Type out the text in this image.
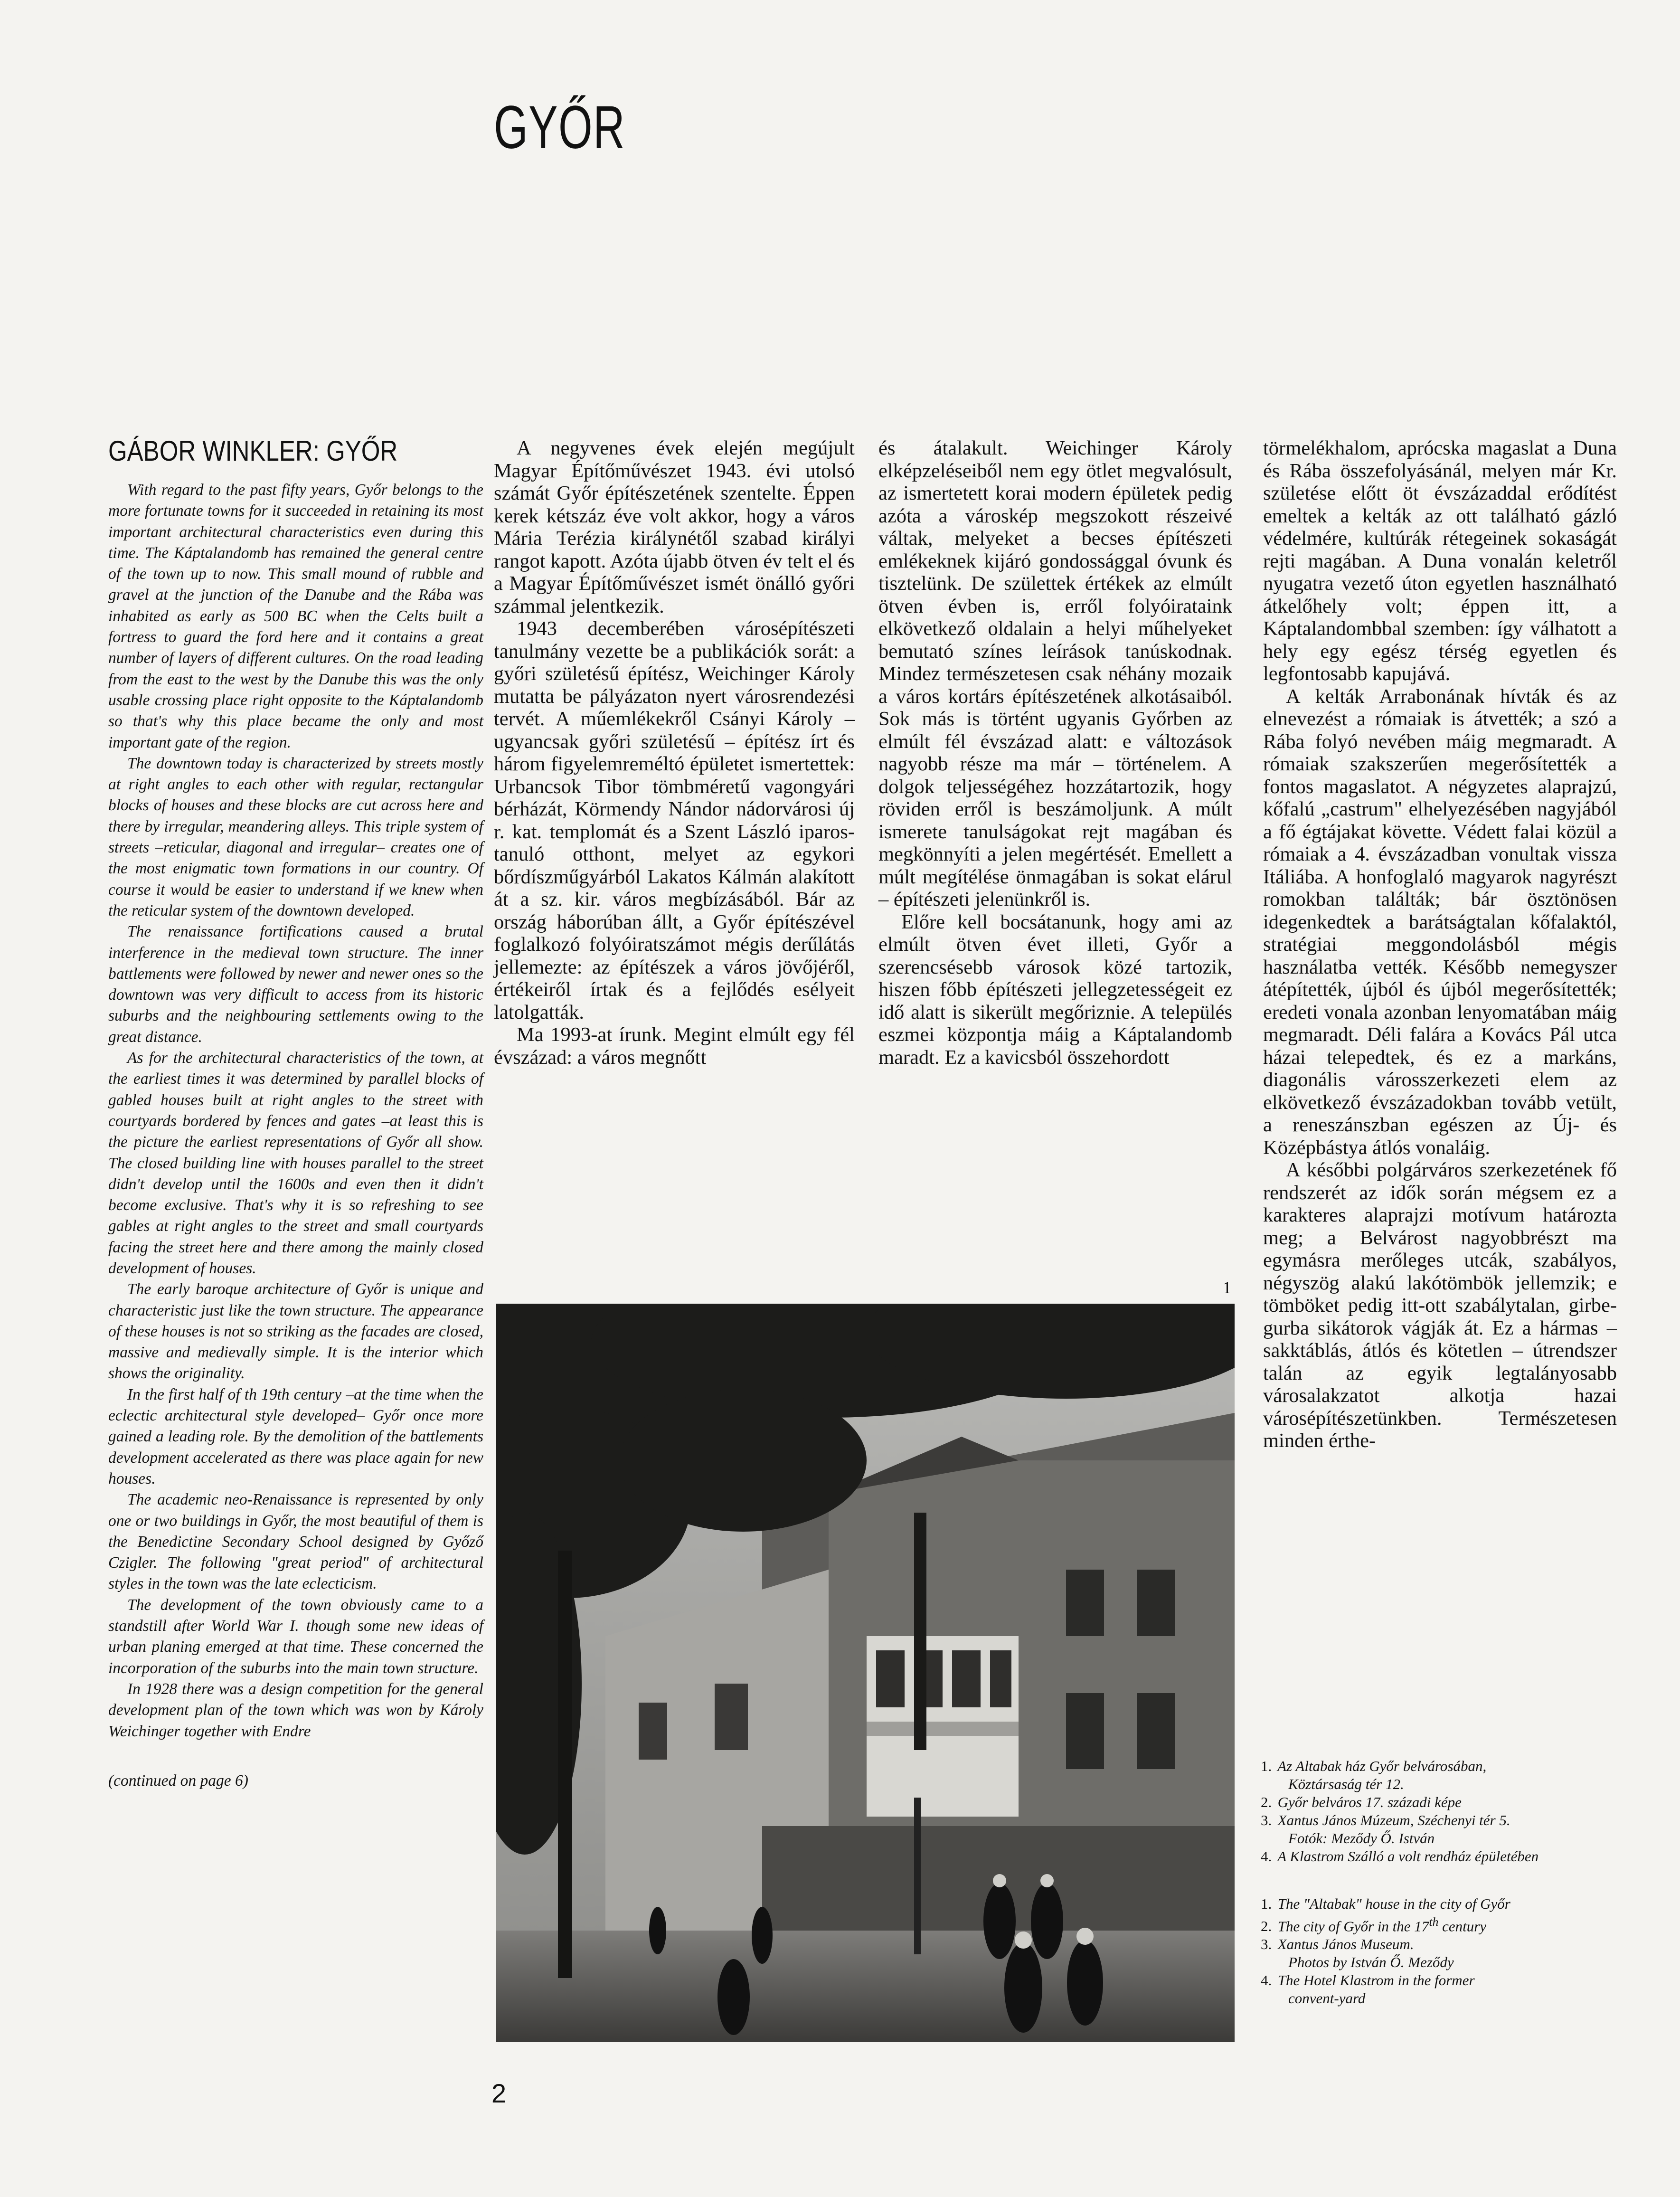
GYŐR
GÁBOR WINKLER: GYŐR

With regard to the past fifty years, Győr belongs to the more fortunate towns for it succeeded in retaining its most important architectural characteristics even during this time. The Káptalandomb has remained the general centre of the town up to now. This small mound of rubble and gravel at the junction of the Danube and the Rába was inhabited as early as 500 BC when the Celts built a fortress to guard the ford here and it contains a great number of layers of different cultures. On the road leading from the east to the west by the Danube this was the only usable crossing place right opposite to the Káptalandomb so that's why this place became the only and most important gate of the region.

The downtown today is characterized by streets mostly at right angles to each other with regular, rectangular blocks of houses and these blocks are cut across here and there by irregular, meandering alleys. This triple system of streets –reticular, diagonal and irregular– creates one of the most enigmatic town formations in our country. Of course it would be easier to understand if we knew when the reticular system of the downtown developed.

The renaissance fortifications caused a brutal interference in the medieval town structure. The inner battlements were followed by newer and newer ones so the downtown was very difficult to access from its historic suburbs and the neighbouring settlements owing to the great distance.

As for the architectural characteristics of the town, at the earliest times it was determined by parallel blocks of gabled houses built at right angles to the street with courtyards bordered by fences and gates –at least this is the picture the earliest representations of Győr all show. The closed building line with houses parallel to the street didn't develop until the 1600s and even then it didn't become exclusive. That's why it is so refreshing to see gables at right angles to the street and small courtyards facing the street here and there among the mainly closed development of houses.

The early baroque architecture of Győr is unique and characteristic just like the town structure. The appearance of these houses is not so striking as the facades are closed, massive and medievally simple. It is the interior which shows the originality.

In the first half of th 19th century –at the time when the eclectic architectural style developed– Győr once more gained a leading role. By the demolition of the battlements development accelerated as there was place again for new houses.

The academic neo-Renaissance is represented by only one or two buildings in Győr, the most beautiful of them is the Benedictine Secondary School designed by Győző Czigler. The following "great period" of architectural styles in the town was the late eclecticism.

The development of the town obviously came to a standstill after World War I. though some new ideas of urban planing emerged at that time. These concerned the incorporation of the suburbs into the main town structure.

In 1928 there was a design competition for the general development plan of the town which was won by Károly Weichinger together with Endre

(continued on page 6)

A negyvenes évek elején megújult Magyar Építőművészet 1943. évi utolsó számát Győr építészetének szentelte. Éppen kerek kétszáz éve volt akkor, hogy a város Mária Terézia királynétől szabad királyi rangot kapott. Azóta újabb ötven év telt el és a Magyar Építőművészet ismét önálló győri számmal jelentkezik.

1943 decemberében városépítészeti tanulmány vezette be a publikációk sorát: a győri születésű építész, Weichinger Károly mutatta be pályázaton nyert városrendezési tervét. A műemlékekről Csányi Károly – ugyancsak győri születésű – építész írt és három figyelemreméltó épületet ismertettek: Urbancsok Tibor tömbméretű vagongyári bérházát, Körmendy Nándor nádorvárosi új r. kat. templomát és a Szent László iparos-tanuló otthont, melyet az egykori bőrdíszműgyárból Lakatos Kálmán alakított át a sz. kir. város megbízásából. Bár az ország háborúban állt, a Győr építészével foglalkozó folyóiratszámot mégis derűlátás jellemezte: az építészek a város jövőjéről, értékeiről írtak és a fejlődés esélyeit latolgatták.

Ma 1993-at írunk. Megint elmúlt egy fél évszázad: a város megnőtt

és átalakult. Weichinger Károly elképzeléseiből nem egy ötlet megvalósult, az ismertetett korai modern épületek pedig azóta a városkép megszokott részeivé váltak, melyeket a becses építészeti emlékeknek kijáró gondossággal óvunk és tisztelünk. De születtek értékek az elmúlt ötven évben is, erről folyóirataink elkövetkező oldalain a helyi műhelyeket bemutató színes leírások tanúskodnak. Mindez természetesen csak néhány mozaik a város kortárs építészetének alkotásaiból. Sok más is történt ugyanis Győrben az elmúlt fél évszázad alatt: e változások nagyobb része ma már – történelem. A dolgok teljességéhez hozzátartozik, hogy röviden erről is beszámoljunk. A múlt ismerete tanulságokat rejt magában és megkönnyíti a jelen megértését. Emellett a múlt megítélése önmagában is sokat elárul – építészeti jelenünkről is.

Előre kell bocsátanunk, hogy ami az elmúlt ötven évet illeti, Győr a szerencsésebb városok közé tartozik, hiszen főbb építészeti jellegzetességeit ez idő alatt is sikerült megőriznie. A település eszmei központja máig a Káptalandomb maradt. Ez a kavicsból összehordott

törmelékhalom, aprócska magaslat a Duna és Rába összefolyásánál, melyen már Kr. születése előtt öt évszázaddal erődítést emeltek a kelták az ott található gázló védelmére, kultúrák rétegeinek sokaságát rejti magában. A Duna vonalán keletről nyugatra vezető úton egyetlen használható átkelőhely volt; éppen itt, a Káptalandombbal szemben: így válhatott a hely egy egész térség egyetlen és legfontosabb kapujává.

A kelták Arrabonának hívták és az elnevezést a rómaiak is átvették; a szó a Rába folyó nevében máig megmaradt. A rómaiak szakszerűen megerősítették a fontos magaslatot. A négyzetes alaprajzú, kőfalú „castrum" elhelyezésében nagyjából a fő égtájakat követte. Védett falai közül a rómaiak a 4. évszázadban vonultak vissza Itáliába. A honfoglaló magyarok nagyrészt romokban találták; bár ösztönösen idegenkedtek a barátságtalan kőfalaktól, stratégiai meggondolásból mégis használatba vették. Később nemegyszer átépítették, újból és újból megerősítették; eredeti vonala azonban lenyomatában máig megmaradt. Déli falára a Kovács Pál utca házai telepedtek, és ez a markáns, diagonális városszerkezeti elem az elkövetkező évszázadokban tovább vetült, a reneszánszban egészen az Új- és Középbástya átlós vonaláig.

A későbbi polgárváros szerkezetének fő rendszerét az idők során mégsem ez a karakteres alaprajzi motívum határozta meg; a Belvárost nagyobbrészt ma egymásra merőleges utcák, szabályos, négyszög alakú lakótömbök jellemzik; e tömböket pedig itt-ott szabálytalan, girbe-gurba sikátorok vágják át. Ez a hármas – sakktáblás, átlós és kötetlen – útrendszer talán az egyik legtalányosabb városalakzatot alkotja hazai városépítészetünkben. Természetesen minden érthe-

1
1. Az Altabak ház Győr belvárosában,
Köztársaság tér 12.
2. Győr belváros 17. századi képe
3. Xantus János Múzeum, Széchenyi tér 5.
Fotók: Meződy Ő. István
4. A Klastrom Szálló a volt rendház épületében
1. The "Altabak" house in the city of Győr
2. The city of Győr in the 17th century
3. Xantus János Museum.
Photos by István Ő. Meződy
4. The Hotel Klastrom in the former
convent-yard
2
